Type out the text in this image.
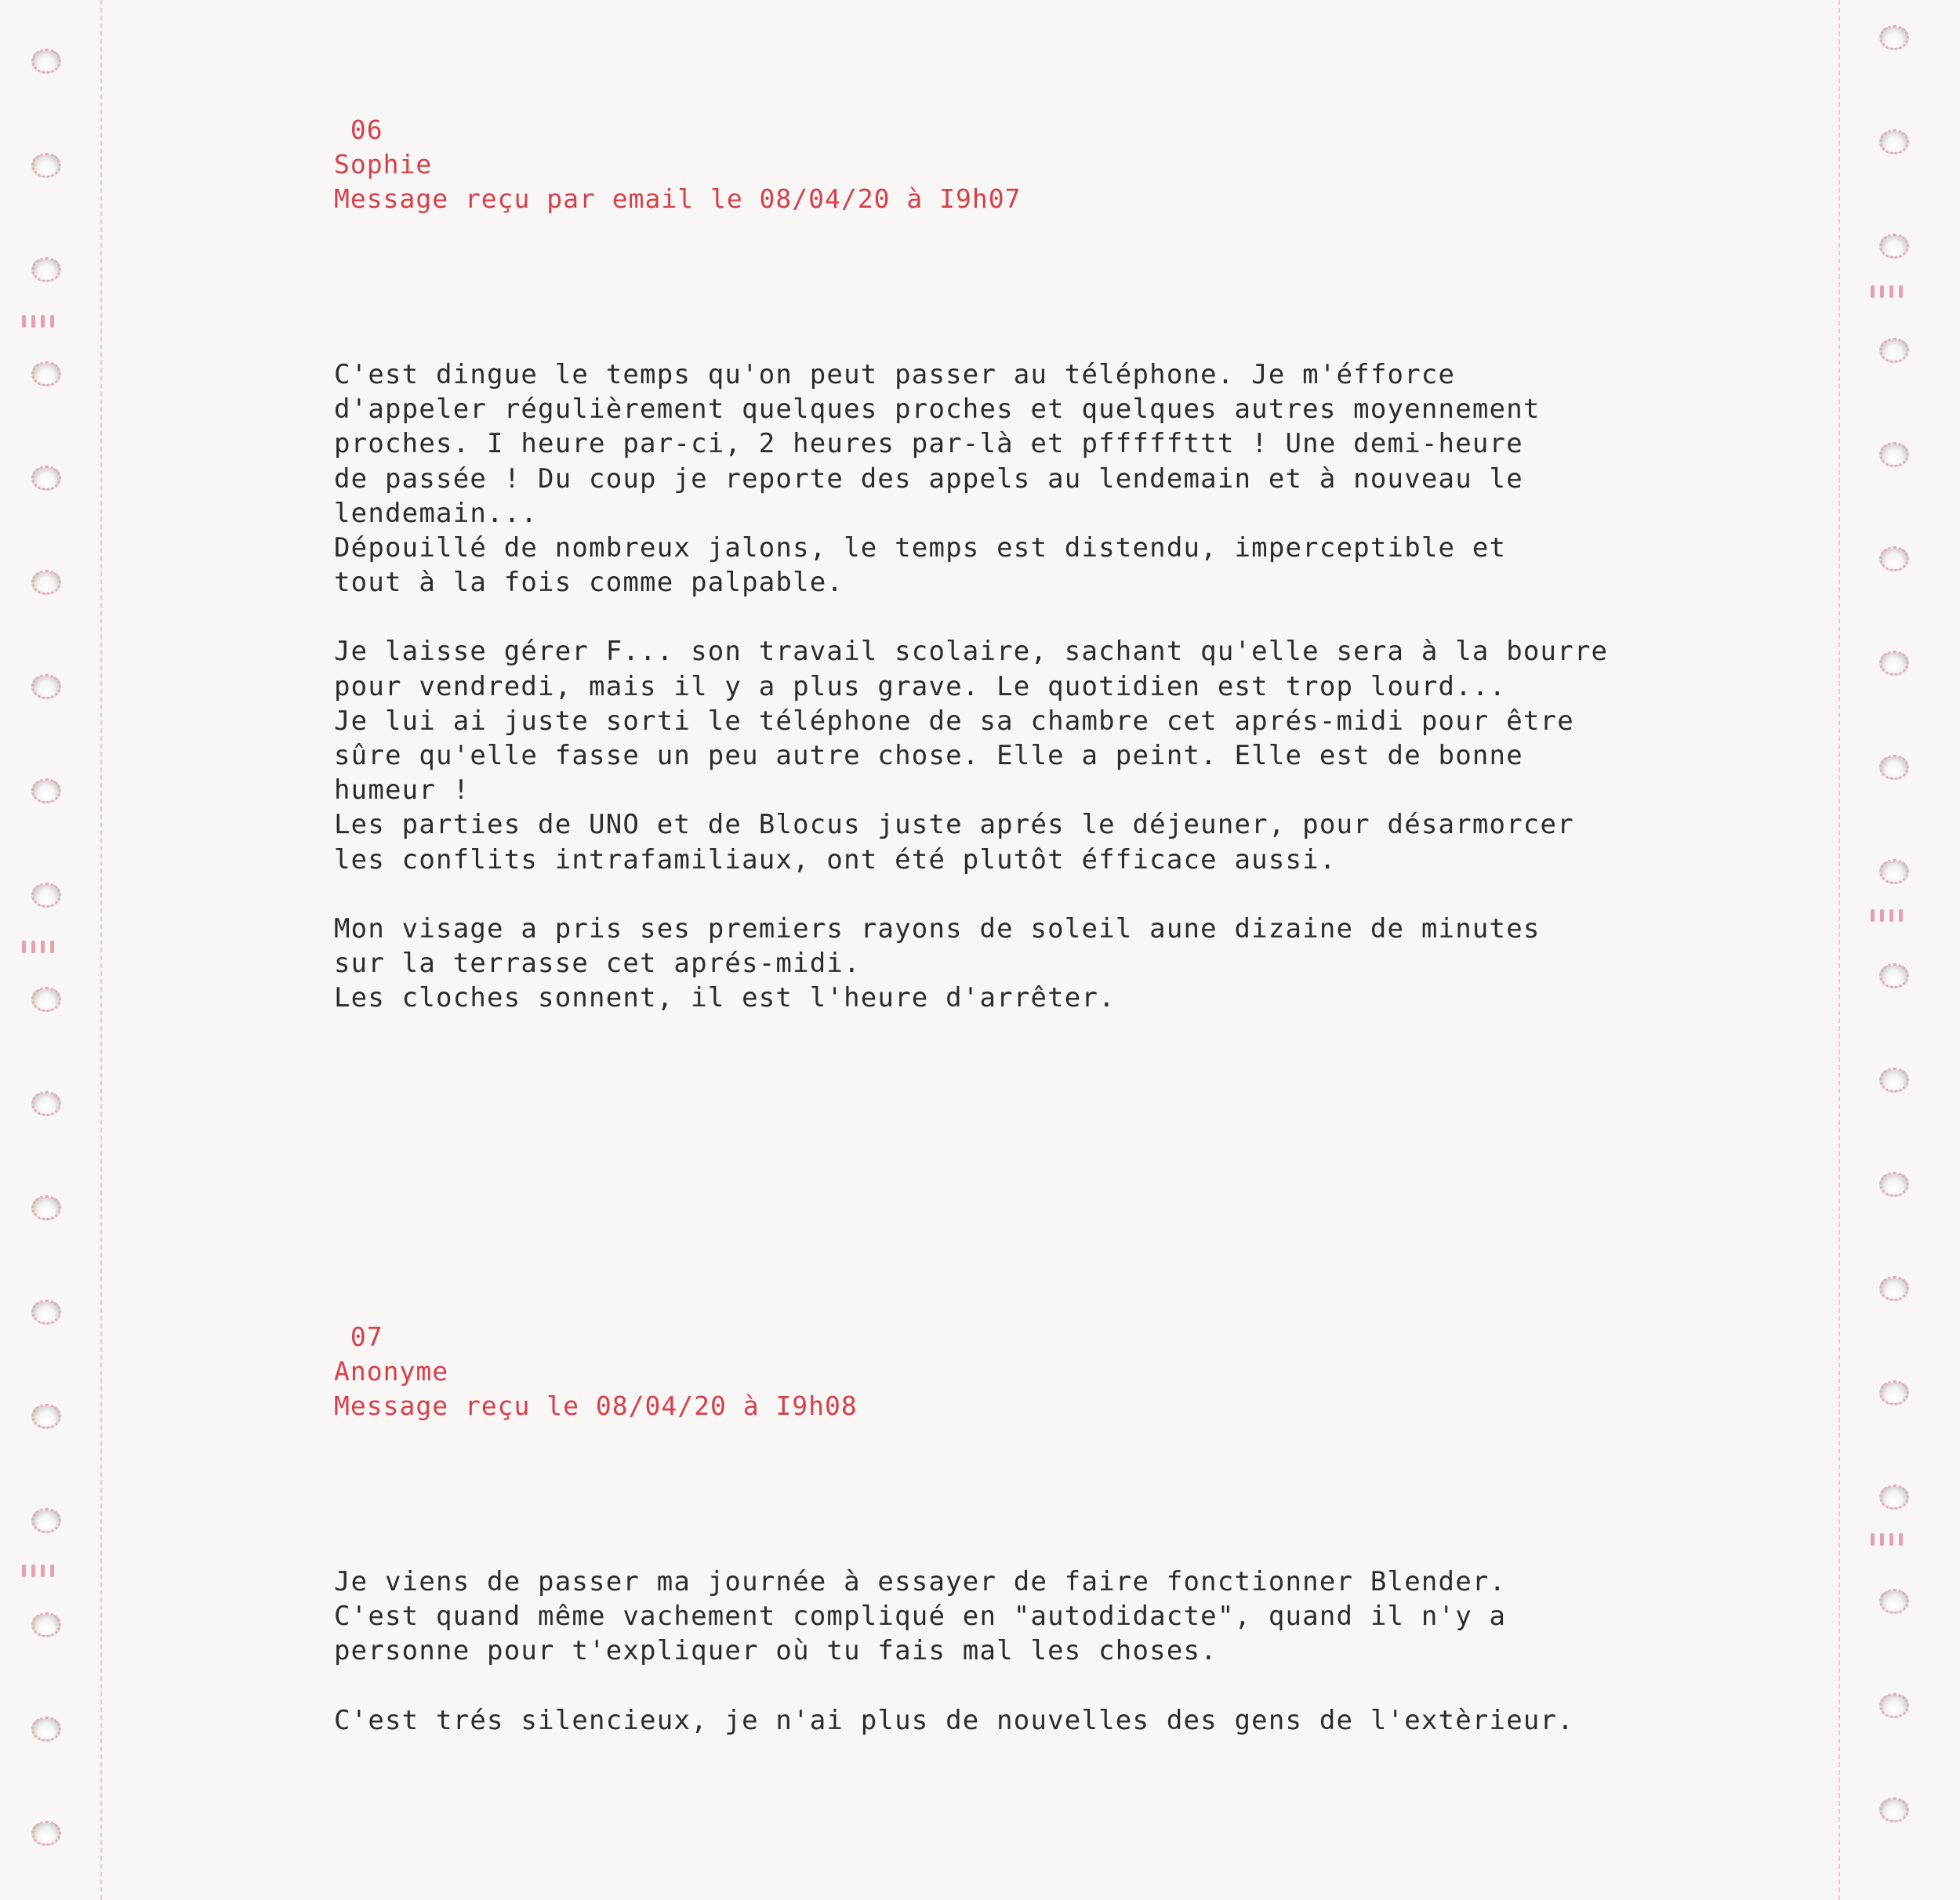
06
Sophie
Message reçu par email le 08/04/20 à I9h07

C'est dingue le temps qu'on peut passer au téléphone. Je m'éfforce

d'appeler régulièrement quelques proches et quelques autres moyennement

proches. I heure par-ci, 2 heures par-là et pfffffttt ! Une demi-heure

de passée ! Du coup je reporte des appels au lendemain et à nouveau le

lendemain...

Dépouillé de nombreux jalons, le temps est distendu, imperceptible et

tout à la fois comme palpable.

Je laisse gérer F... son travail scolaire, sachant qu'elle sera à la bourre

pour vendredi, mais il y a plus grave. Le quotidien est trop lourd...

Je lui ai juste sorti le téléphone de sa chambre cet aprés-midi pour être

sûre qu'elle fasse un peu autre chose. Elle a peint. Elle est de bonne

humeur !

Les parties de UNO et de Blocus juste aprés le déjeuner, pour désarmorcer

les conflits intrafamiliaux, ont été plutôt éfficace aussi.

Mon visage a pris ses premiers rayons de soleil aune dizaine de minutes

sur la terrasse cet aprés-midi.

Les cloches sonnent, il est l'heure d'arrêter.

07
Anonyme
Message reçu le 08/04/20 à I9h08

Je viens de passer ma journée à essayer de faire fonctionner Blender.

C'est quand même vachement compliqué en "autodidacte", quand il n'y a

personne pour t'expliquer où tu fais mal les choses.

C'est trés silencieux, je n'ai plus de nouvelles des gens de l'extèrieur.
